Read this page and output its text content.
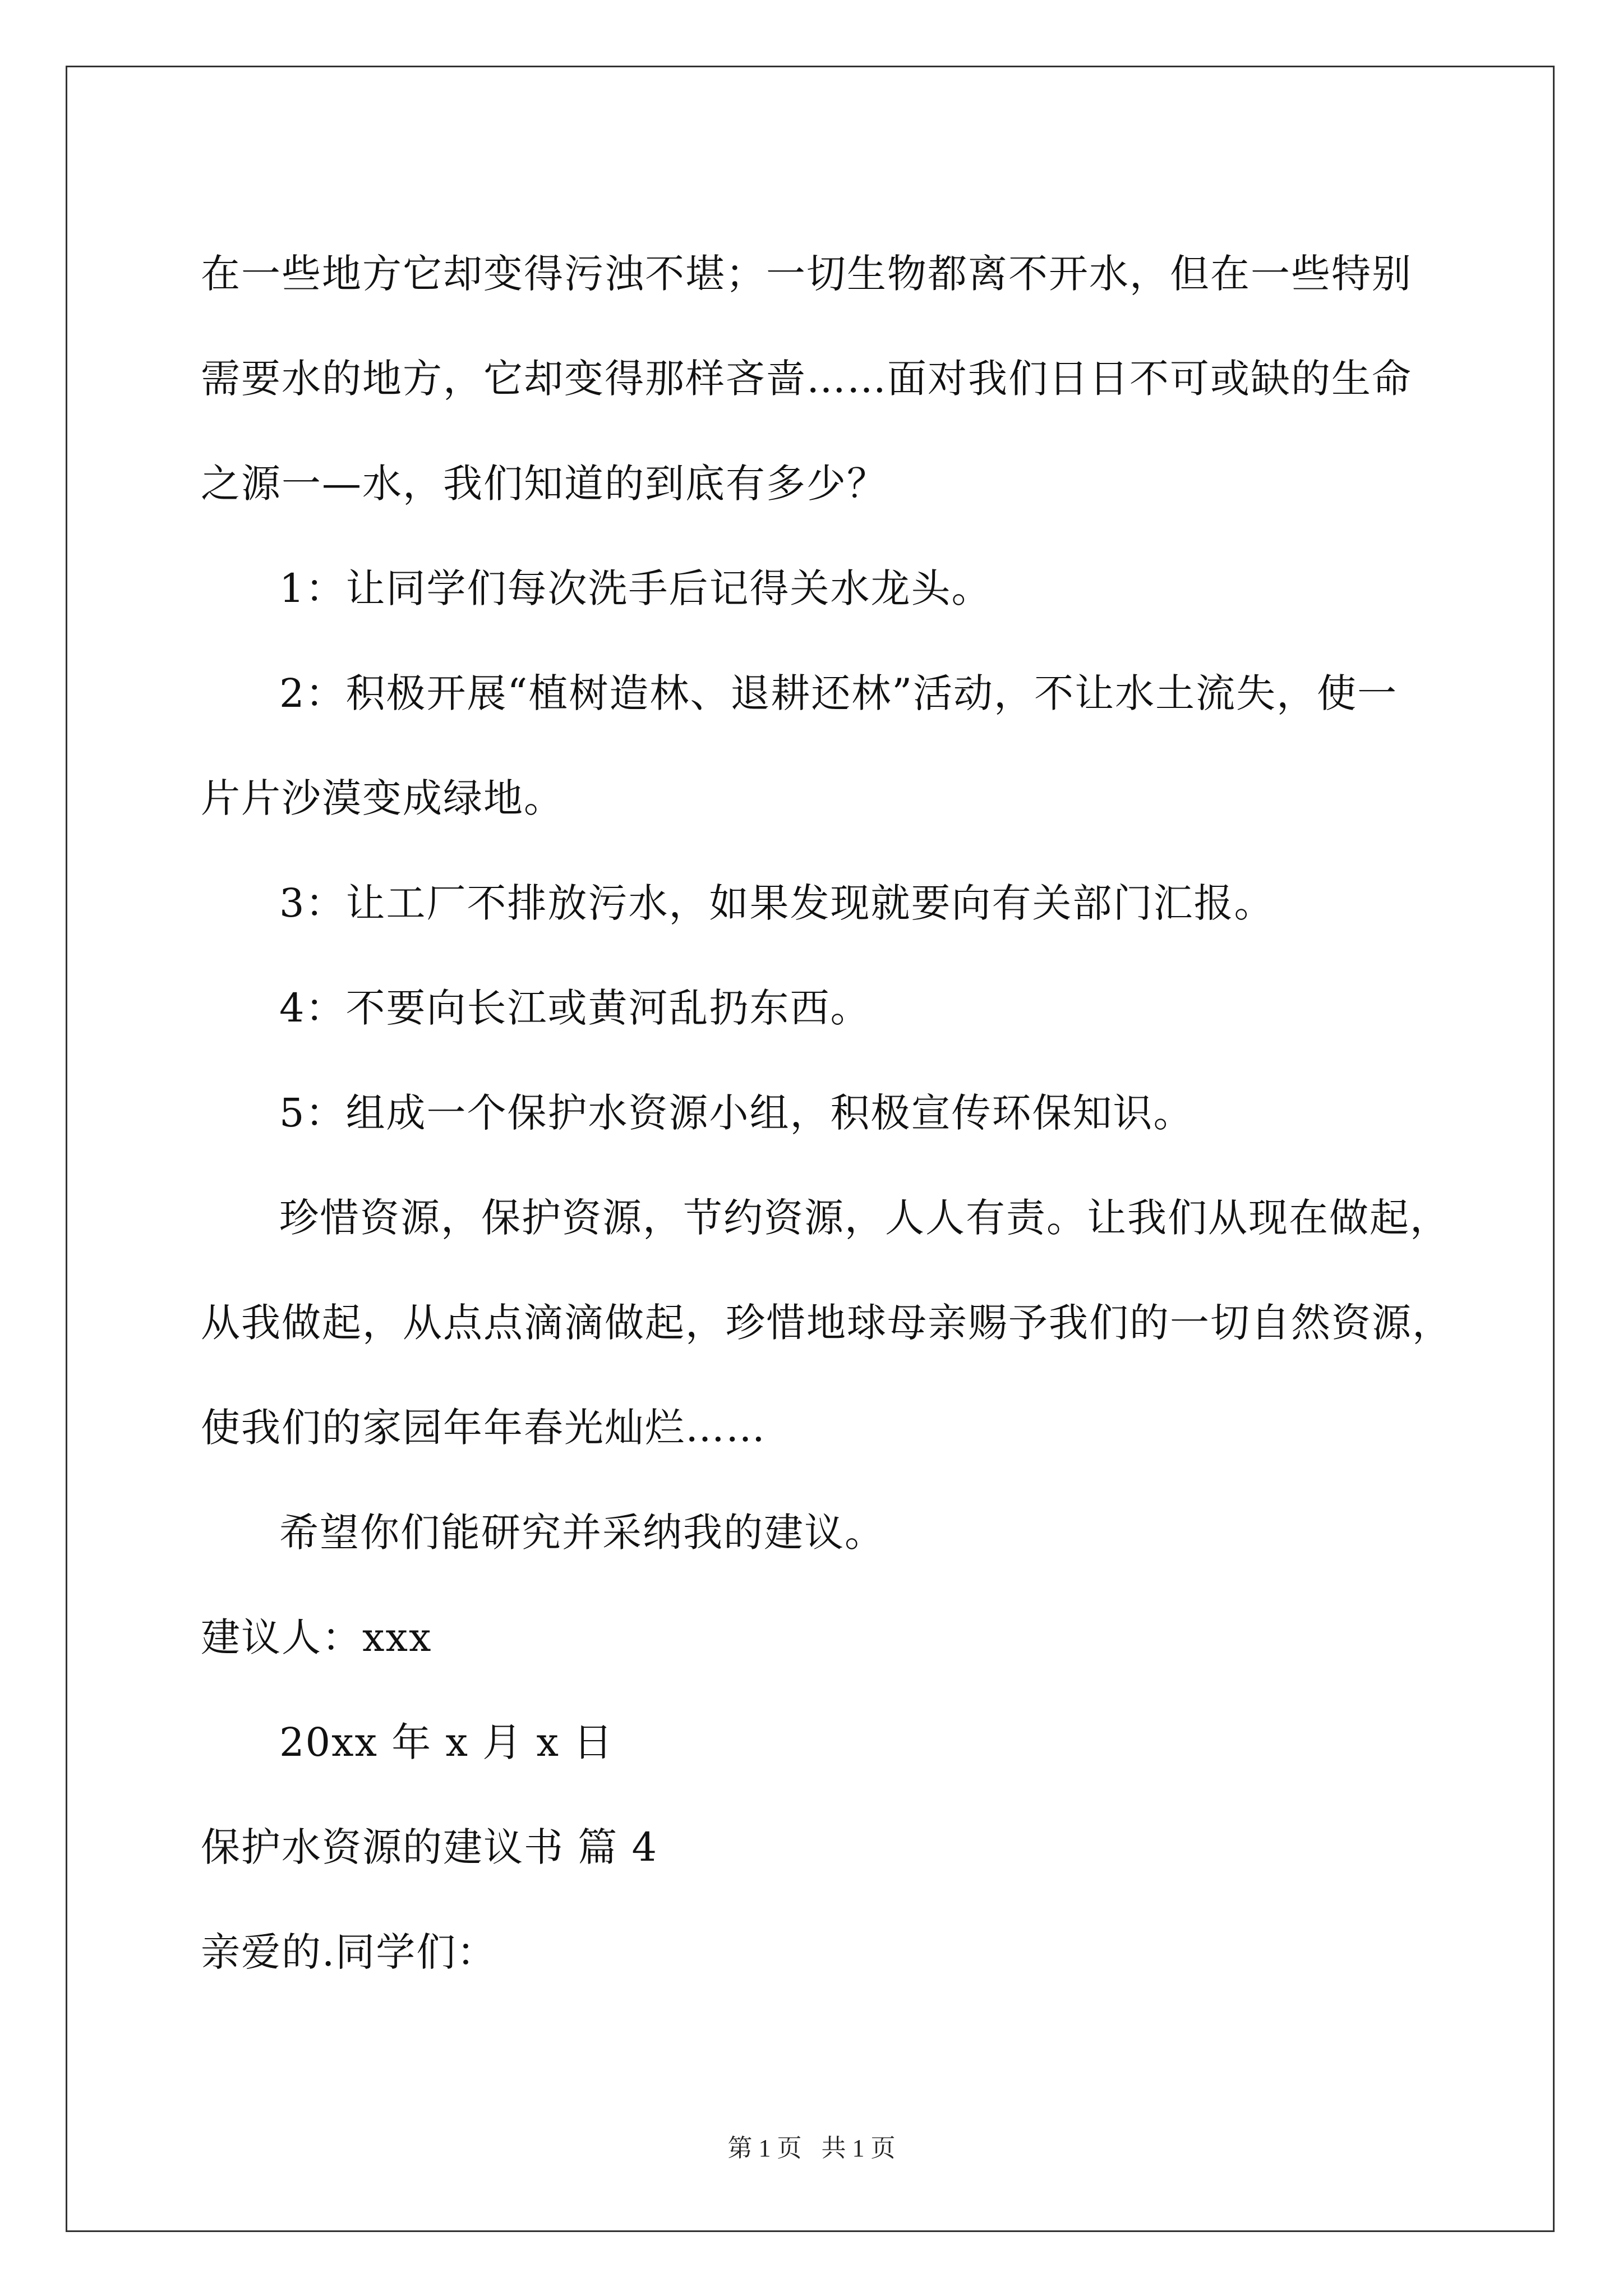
在一些地方它却变得污浊不堪；一切生物都离不开水，但在一些特别
需要水的地方，它却变得那样吝啬……面对我们日日不可或缺的生命
之源一—水，我们知道的到底有多少？
1：让同学们每次洗手后记得关水龙头。
2：积极开展“植树造林、退耕还林”活动，不让水土流失，使一
片片沙漠变成绿地。
3：让工厂不排放污水，如果发现就要向有关部门汇报。
4：不要向长江或黄河乱扔东西。
5：组成一个保护水资源小组，积极宣传环保知识。
珍惜资源，保护资源，节约资源，人人有责。让我们从现在做起，
从我做起，从点点滴滴做起，珍惜地球母亲赐予我们的一切自然资源，
使我们的家园年年春光灿烂……
希望你们能研究并采纳我的建议。
建议人：xxx
20xx 年 x 月 x 日
保护水资源的建议书 篇 4
亲爱的.同学们：
第 1 页 共 1 页
